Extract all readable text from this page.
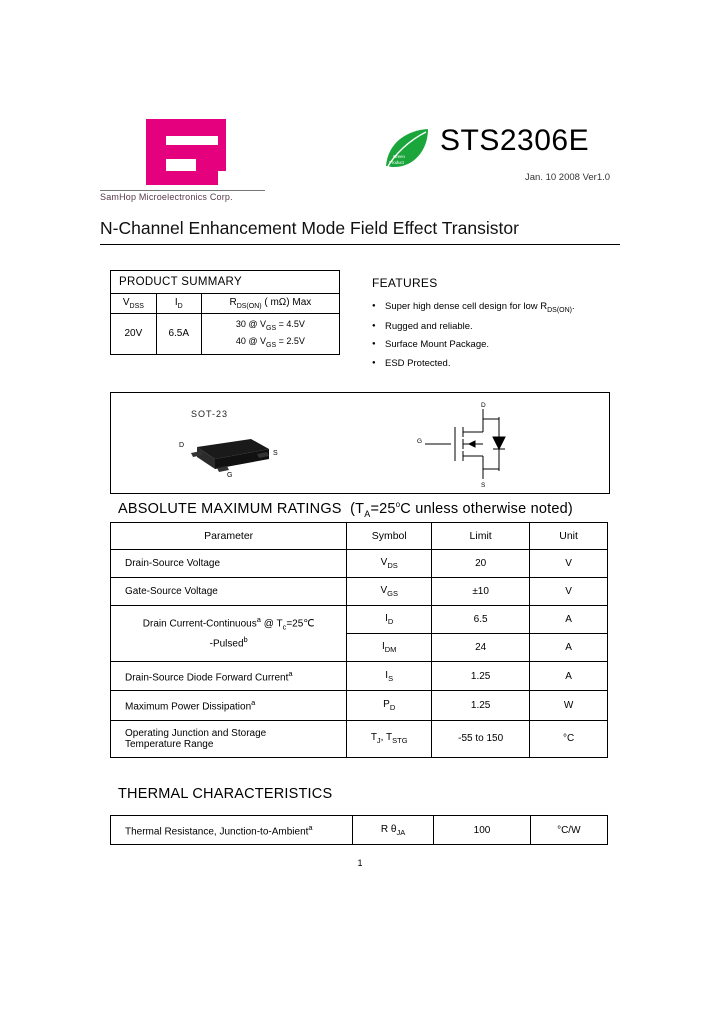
SamHop Microelectronics Corp.
Green
Product
STS2306E
Jan. 10 2008 Ver1.0
N-Channel Enhancement Mode Field Effect Transistor
PRODUCT SUMMARY		
$V_{DSS}$	$I_D$	$R_{DS(ON)}$ ( mΩ) Max
20V	6.5A	30 @ $V_{GS} = 4.5V$
40 @ $V_{GS} = 2.5V$
FEATURES
● Super high dense cell design for low $R_{DS(ON)}$.
● Rugged and reliable.
● Surface Mount Package.
● ESD Protected.
SOT-23
D
S
G
D
G
S
ABSOLUTE MAXIMUM RATINGS  ($T_A=25^oC$ unless otherwise noted)
Parameter	Symbol	Limit	Unit
Drain-Source Voltage	$V_{DS}$	20	V
Gate-Source Voltage	$V_{GS}$	±10	V
Drain Current-Continuous$^a$ @ $T_c=25℃$
-Pulsed$^b$	$I_D$	6.5	A
	$I_{DM}$	24	A
Drain-Source Diode Forward Current$^a$	$I_S$	1.25	A
Maximum Power Dissipation$^a$	$P_D$	1.25	W
Operating Junction and Storage
Temperature Range	$T_J$, $T_{STG}$	-55 to 150	°C
THERMAL CHARACTERISTICS
Thermal Resistance, Junction-to-Ambient$^a$	R $\theta_{JA}$	100	°C/W
1
